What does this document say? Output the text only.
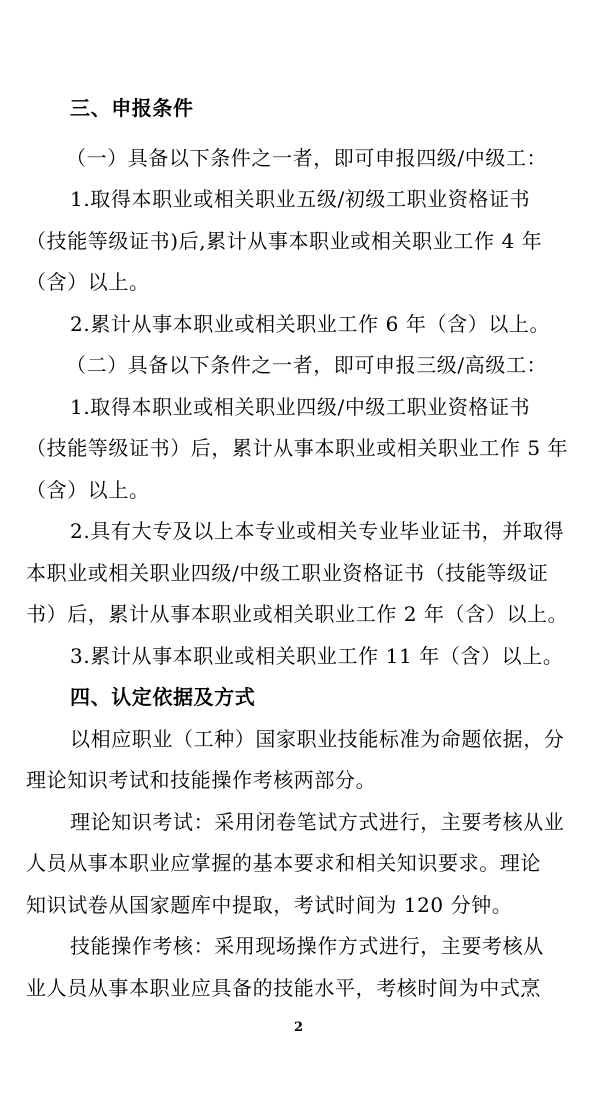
三、申报条件

（一）具备以下条件之一者，即可申报四级/中级工：

1.取得本职业或相关职业五级/初级工职业资格证书

（技能等级证书)后,累计从事本职业或相关职业工作 4 年

（含）以上。

2.累计从事本职业或相关职业工作 6 年（含）以上。

（二）具备以下条件之一者，即可申报三级/高级工：

1.取得本职业或相关职业四级/中级工职业资格证书

（技能等级证书）后，累计从事本职业或相关职业工作 5 年

（含）以上。

2.具有大专及以上本专业或相关专业毕业证书，并取得

本职业或相关职业四级/中级工职业资格证书（技能等级证

书）后，累计从事本职业或相关职业工作 2 年（含）以上。

3.累计从事本职业或相关职业工作 11 年（含）以上。

四、认定依据及方式

以相应职业（工种）国家职业技能标准为命题依据，分

理论知识考试和技能操作考核两部分。

理论知识考试：采用闭卷笔试方式进行，主要考核从业

人员从事本职业应掌握的基本要求和相关知识要求。理论

知识试卷从国家题库中提取，考试时间为 120 分钟。

技能操作考核：采用现场操作方式进行，主要考核从

业人员从事本职业应具备的技能水平，考核时间为中式烹

2
